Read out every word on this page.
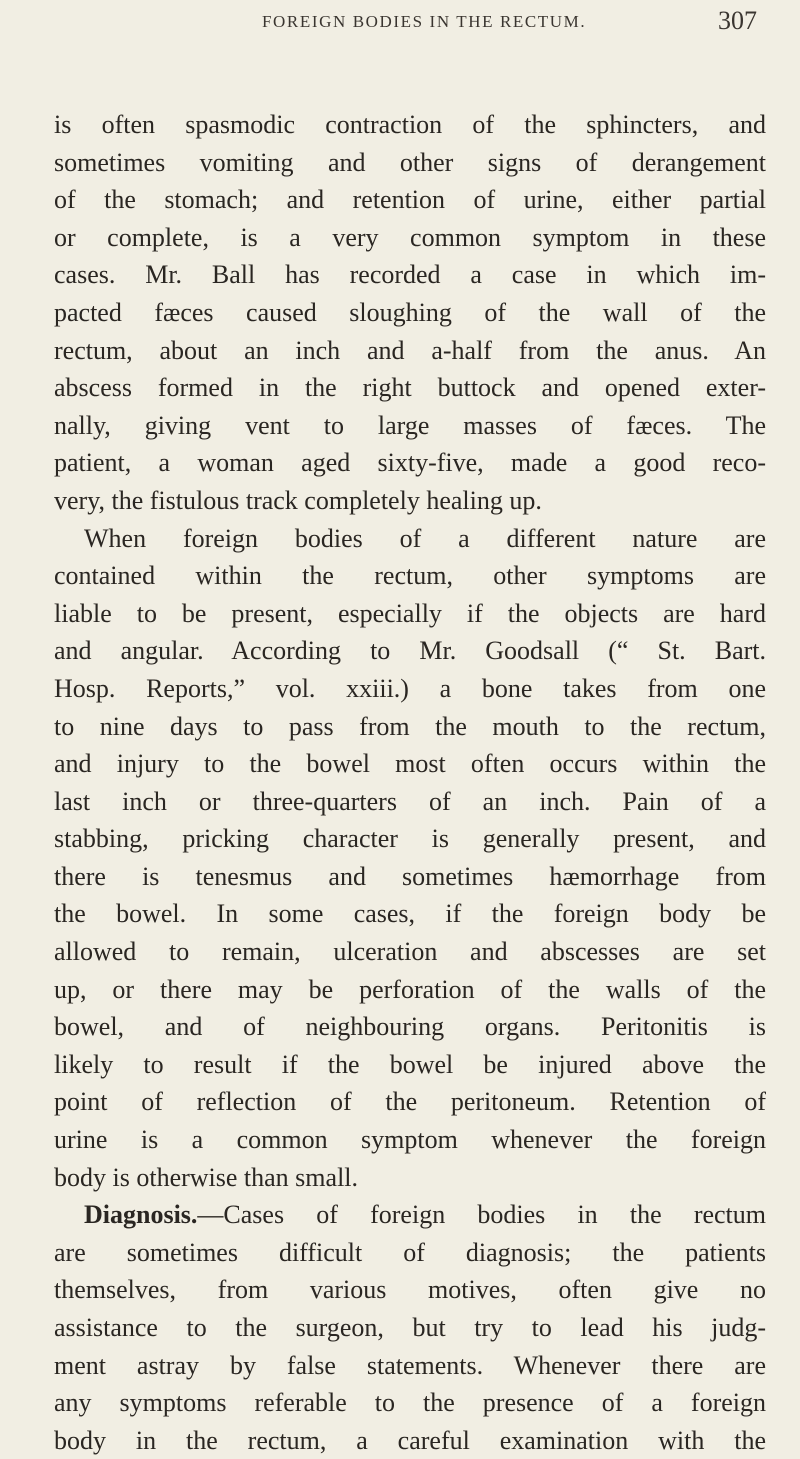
FOREIGN BODIES IN THE RECTUM.	307
is often spasmodic contraction of the sphincters, and
sometimes vomiting and other signs of derangement
of the stomach; and retention of urine, either partial
or complete, is a very common symptom in these
cases. Mr. Ball has recorded a case in which im-
pacted fæces caused sloughing of the wall of the
rectum, about an inch and a-half from the anus. An
abscess formed in the right buttock and opened exter-
nally, giving vent to large masses of fæces. The
patient, a woman aged sixty-five, made a good reco-
very, the fistulous track completely healing up.
When foreign bodies of a different nature are
contained within the rectum, other symptoms are
liable to be present, especially if the objects are hard
and angular. According to Mr. Goodsall (“ St. Bart.
Hosp. Reports,” vol. xxiii.) a bone takes from one
to nine days to pass from the mouth to the rectum,
and injury to the bowel most often occurs within the
last inch or three-quarters of an inch. Pain of a
stabbing, pricking character is generally present, and
there is tenesmus and sometimes hæmorrhage from
the bowel. In some cases, if the foreign body be
allowed to remain, ulceration and abscesses are set
up, or there may be perforation of the walls of the
bowel, and of neighbouring organs. Peritonitis is
likely to result if the bowel be injured above the
point of reflection of the peritoneum. Retention of
urine is a common symptom whenever the foreign
body is otherwise than small.
Diagnosis.—Cases of foreign bodies in the rectum
are sometimes difficult of diagnosis; the patients
themselves, from various motives, often give no
assistance to the surgeon, but try to lead his judg-
ment astray by false statements. Whenever there are
any symptoms referable to the presence of a foreign
body in the rectum, a careful examination with the
